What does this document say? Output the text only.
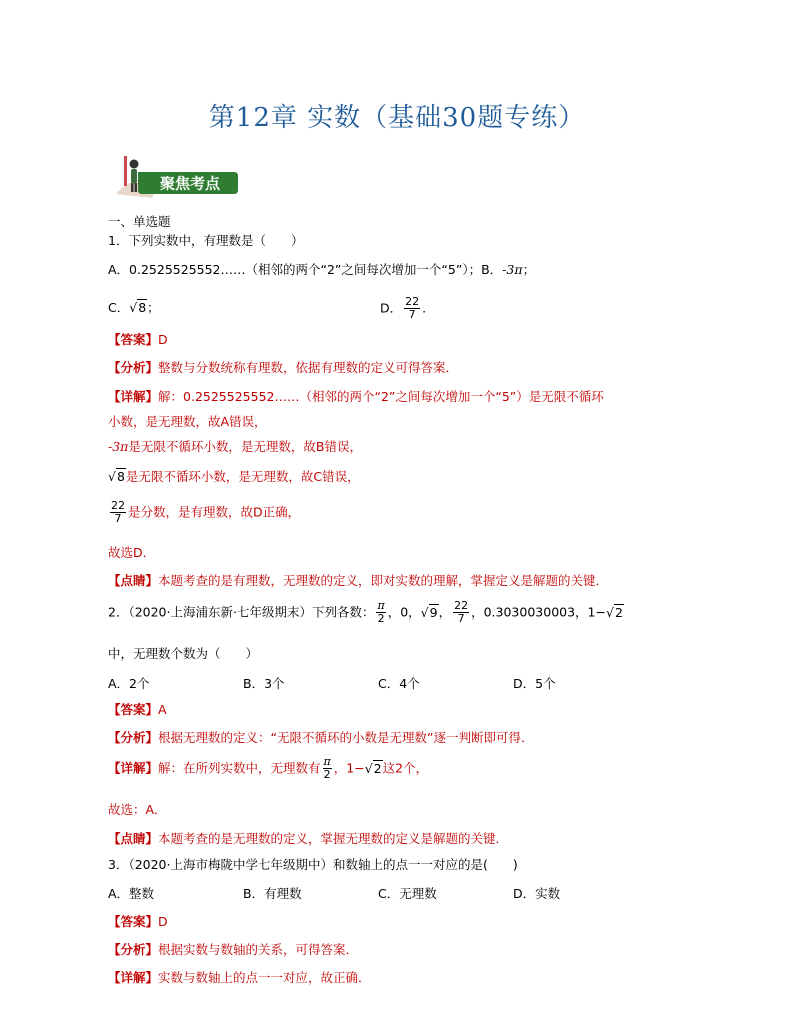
第12章 实数（基础30题专练）
聚焦考点
一、单选题
1．下列实数中，有理数是（　　）
A．0.2525525552……（相邻的两个“2”之间每次增加一个“5”）；B．-3π；
C．√8；	D． $\frac{22}{7}$ .
【答案】D
【分析】整数与分数统称有理数，依据有理数的定义可得答案．
【详解】解：0.2525525552……（相邻的两个“2”之间每次增加一个“5”）是无限不循环
小数，是无理数，故A错误，
-3π是无限不循环小数，是无理数，故B错误，
√8是无限不循环小数，是无理数，故C错误，
$\frac{22}{7}$ 是分数，是有理数，故D正确，
故选D．
【点睛】本题考查的是有理数，无理数的定义，即对实数的理解，掌握定义是解题的关键．
2．（2020·上海浦东新·七年级期末）下列各数： $\frac{\pi}{2}$ ，0，√9， $\frac{22}{7}$ ，0.3030030003，1−√2
中，无理数个数为（　　）
A．2个	B．3个	C．4个	D．5个
【答案】A
【分析】根据无理数的定义：“无限不循环的小数是无理数”逐一判断即可得．
【详解】解：在所列实数中，无理数有 $\frac{\pi}{2}$ ，1−√2这2个，
故选：A．
【点睛】本题考查的是无理数的定义，掌握无理数的定义是解题的关键．
3．（2020·上海市梅陇中学七年级期中）和数轴上的点一一对应的是(　　)
A．整数	B．有理数	C．无理数	D．实数
【答案】D
【分析】根据实数与数轴的关系，可得答案．
【详解】实数与数轴上的点一一对应，故正确．
